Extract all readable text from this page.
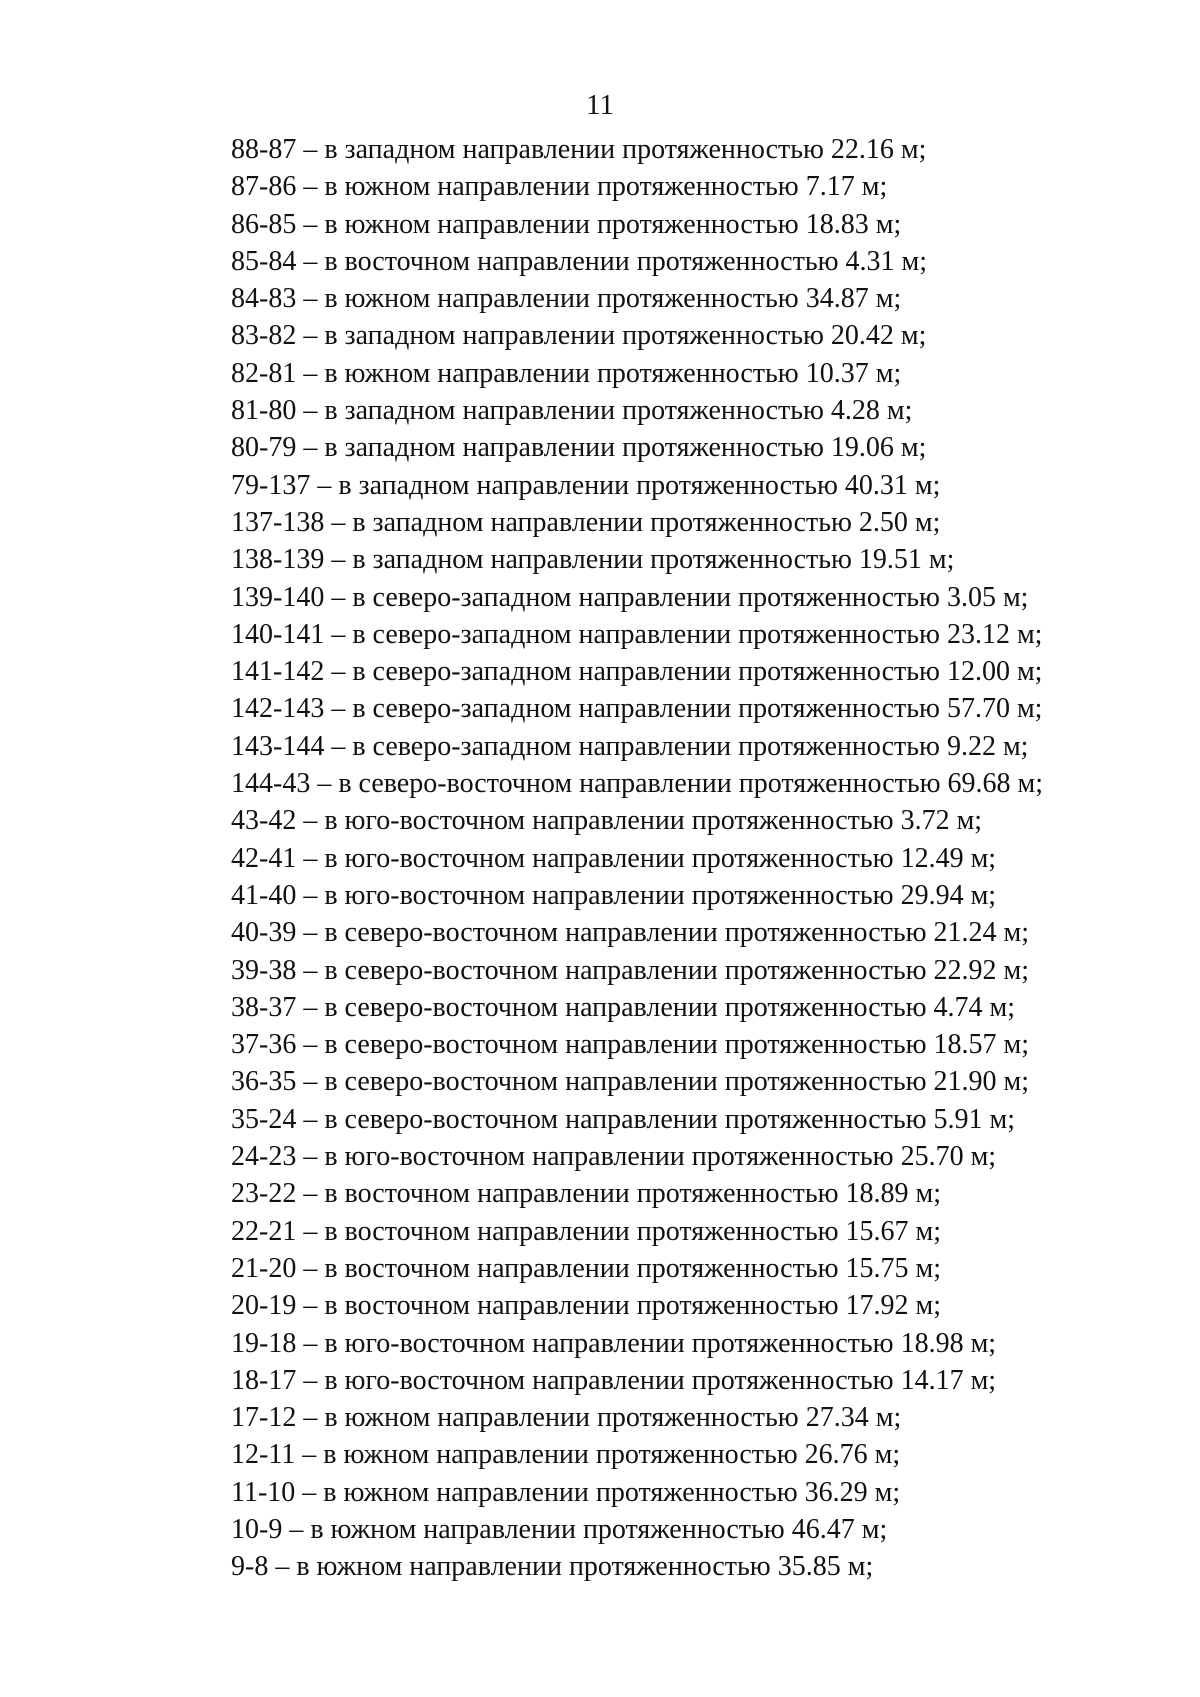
11
88-87 – в западном направлении протяженностью 22.16 м;
87-86 – в южном направлении протяженностью 7.17 м;
86-85 – в южном направлении протяженностью 18.83 м;
85-84 – в восточном направлении протяженностью 4.31 м;
84-83 – в южном направлении протяженностью 34.87 м;
83-82 – в западном направлении протяженностью 20.42 м;
82-81 – в южном направлении протяженностью 10.37 м;
81-80 – в западном направлении протяженностью 4.28 м;
80-79 – в западном направлении протяженностью 19.06 м;
79-137 – в западном направлении протяженностью 40.31 м;
137-138 – в западном направлении протяженностью 2.50 м;
138-139 – в западном направлении протяженностью 19.51 м;
139-140 – в северо-западном направлении протяженностью 3.05 м;
140-141 – в северо-западном направлении протяженностью 23.12 м;
141-142 – в северо-западном направлении протяженностью 12.00 м;
142-143 – в северо-западном направлении протяженностью 57.70 м;
143-144 – в северо-западном направлении протяженностью 9.22 м;
144-43 – в северо-восточном направлении протяженностью 69.68 м;
43-42 – в юго-восточном направлении протяженностью 3.72 м;
42-41 – в юго-восточном направлении протяженностью 12.49 м;
41-40 – в юго-восточном направлении протяженностью 29.94 м;
40-39 – в северо-восточном направлении протяженностью 21.24 м;
39-38 – в северо-восточном направлении протяженностью 22.92 м;
38-37 – в северо-восточном направлении протяженностью 4.74 м;
37-36 – в северо-восточном направлении протяженностью 18.57 м;
36-35 – в северо-восточном направлении протяженностью 21.90 м;
35-24 – в северо-восточном направлении протяженностью 5.91 м;
24-23 – в юго-восточном направлении протяженностью 25.70 м;
23-22 – в восточном направлении протяженностью 18.89 м;
22-21 – в восточном направлении протяженностью 15.67 м;
21-20 – в восточном направлении протяженностью 15.75 м;
20-19 – в восточном направлении протяженностью 17.92 м;
19-18 – в юго-восточном направлении протяженностью 18.98 м;
18-17 – в юго-восточном направлении протяженностью 14.17 м;
17-12 – в южном направлении протяженностью 27.34 м;
12-11 – в южном направлении протяженностью 26.76 м;
11-10 – в южном направлении протяженностью 36.29 м;
10-9 – в южном направлении протяженностью 46.47 м;
9-8 – в южном направлении протяженностью 35.85 м;
